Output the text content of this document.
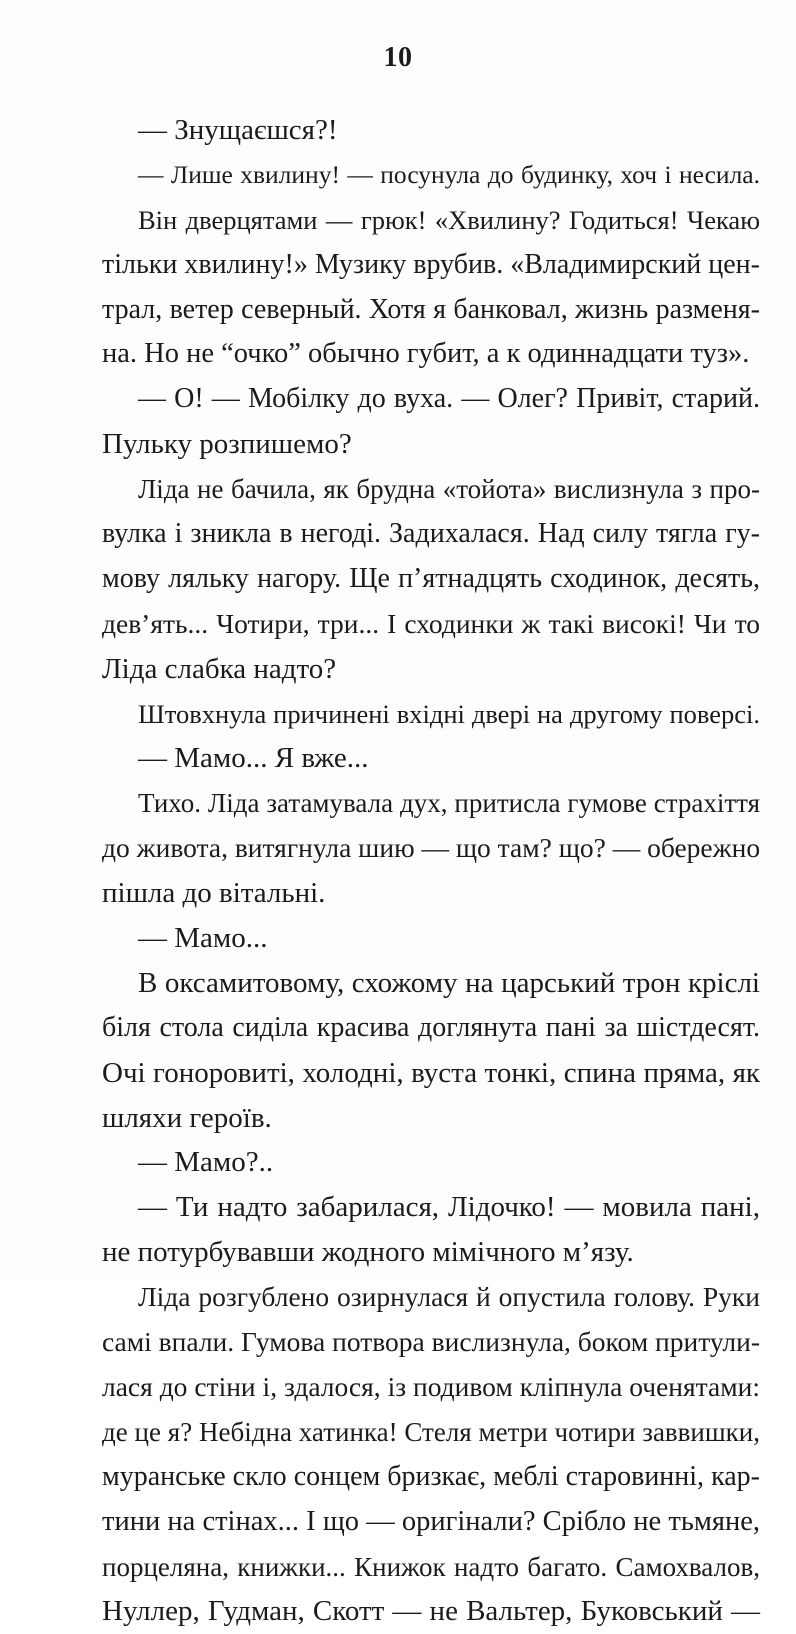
10
— Знущаєшся?!
— Лише хвилину! — посунула до будинку, хоч і несила.
Він дверцятами — грюк! «Хвилину? Годиться! Чекаю
тільки хвилину!» Музику врубив. «Владимирский цен-
трал, ветер северный. Хотя я банковал, жизнь разменя-
на. Но не “очко” обычно губит, а к одиннадцати туз».
— О! — Мобілку до вуха. — Олег? Привіт, старий.
Пульку розпишемо?
Ліда не бачила, як брудна «тойота» вислизнула з про-
вулка і зникла в негоді. Задихалася. Над силу тягла гу-
мову ляльку нагору. Ще п’ятнадцять сходинок, десять,
дев’ять... Чотири, три... І сходинки ж такі високі! Чи то
Ліда слабка надто?
Штовхнула причинені вхідні двері на другому поверсі.
— Мамо... Я вже...
Тихо. Ліда затамувала дух, притисла гумове страхіття
до живота, витягнула шию — що там? що? — обережно
пішла до вітальні.
— Мамо...
В оксамитовому, схожому на царський трон кріслі
біля стола сиділа красива доглянута пані за шістдесят.
Очі гоноровиті, холодні, вуста тонкі, спина пряма, як
шляхи героїв.
— Мамо?..
— Ти надто забарилася, Лідочко! — мовила пані,
не потурбувавши жодного мімічного м’язу.
Ліда розгублено озирнулася й опустила голову. Руки
самі впали. Гумова потвора вислизнула, боком притули-
лася до стіни і, здалося, із подивом кліпнула оченятами:
де це я? Небідна хатинка! Стеля метри чотири заввишки,
муранське скло сонцем бризкає, меблі старовинні, кар-
тини на стінах... І що — оригінали? Срібло не тьмяне,
порцеляна, книжки... Книжок надто багато. Самохвалов,
Нуллер, Гудман, Скотт — не Вальтер, Буковський —
